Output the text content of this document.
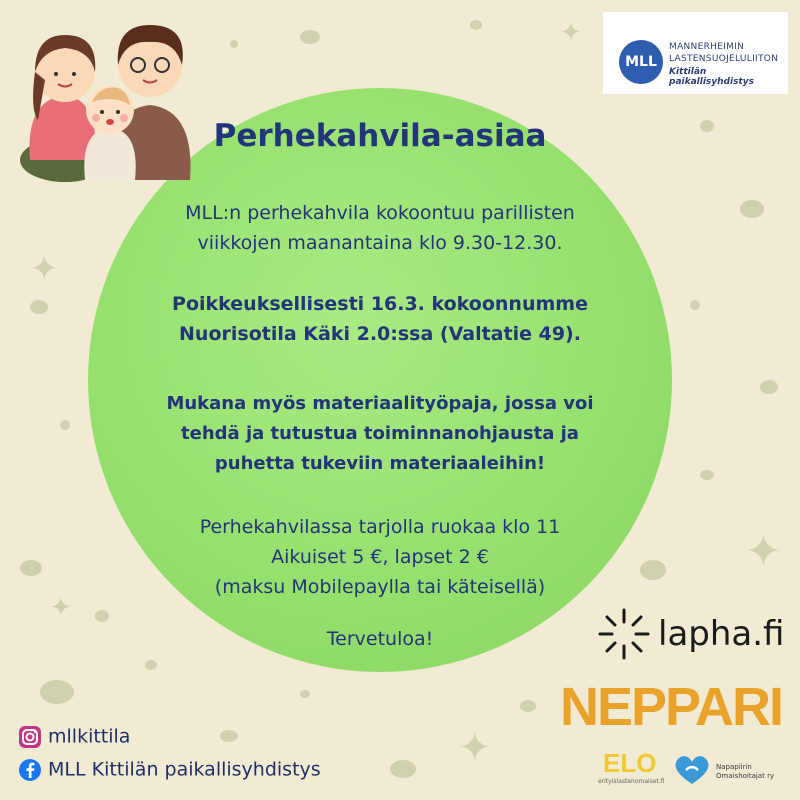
✦
✦
✦
✦
✦
MLL
MANNERHEIMIN
LASTENSUOJELULIITON
Kittilän paikallisyhdistys
Perhekahvila-asiaa
MLL:n perhekahvila kokoontuu parillisten
viikkojen maanantaina klo 9.30-12.30.
Poikkeuksellisesti 16.3. kokoonnumme
Nuorisotila Käki 2.0:ssa (Valtatie 49).
Mukana myös materiaalityöpaja, jossa voi
tehdä ja tutustua toiminnanohjausta ja
puhetta tukeviin materiaaleihin!
Perhekahvilassa tarjolla ruokaa klo 11
Aikuiset 5 €, lapset 2 €
(maksu Mobilepaylla tai käteisellä)
Tervetuloa!	lapha.fi
NEPPARI
ELO
erityislastenomaiset.fi
Napapiirin
Omaishoitajat ry
mllkittila
MLL Kittilän paikallisyhdistys
